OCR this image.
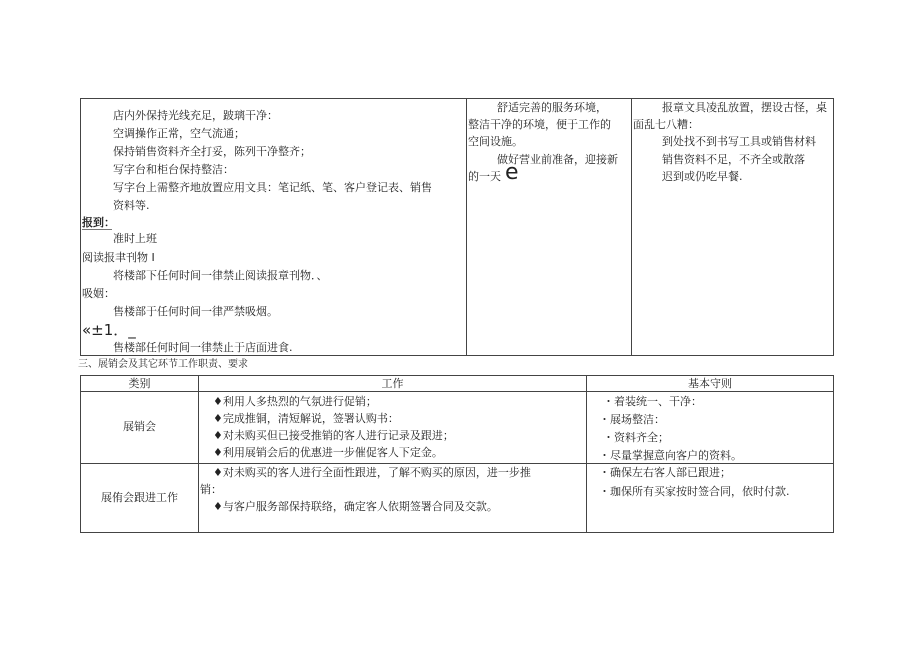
店内外保持光线充足，跛璃干净：
空调操作正常，空气流通；
保持销售资料齐全打妥，陈列干净整齐；
写字台和柜台保持整洁：
写字台上需整齐地放置应用文具：笔记纸、笔、客户登记表、销售
资料等.
报到：
准时上班
阅读报聿刊物 I
将楼部下任何时间一律禁止阅读报章刊物．、
吸姻：
售楼部于任何时间一律严禁吸烟。
«±1．_
售楼部任何时间一律禁止于店面进食.
舒适完善的服务环境，
整洁干净的环境，便于工作的
空间设施。
做好营业前准备，迎接新
的一天 e
报章文具凌乱放置，摆设古怪，桌
面乱七八糟：
到处找不到书写工具或销售材料
销售资料不足，不齐全或散落
迟到或仍吃早餐.
三、展销会及其它环节工作职责、要求
类别	工作	基本守则
展销会
♦利用人多热烈的气氛进行促销；
♦完成推铜，清短解说，签署认购书：
♦对未购买但已接受推销的客人进行记录及跟进；
♦利用展销会后的优惠进一步催促客人下定金。
・着装统一、干净：
・展场整洁：
・资料齐全；
・尽量掌握意向客户的资料。
展侑会跟进工作
♦对未购买的客人进行全面性跟进，了解不购买的原因，进一步推
销：
♦与客户服务部保持联络，确定客人依期签署合同及交款。
・确保左右客人部已跟进；
・珈保所有买家按时签合同，依时付款.
